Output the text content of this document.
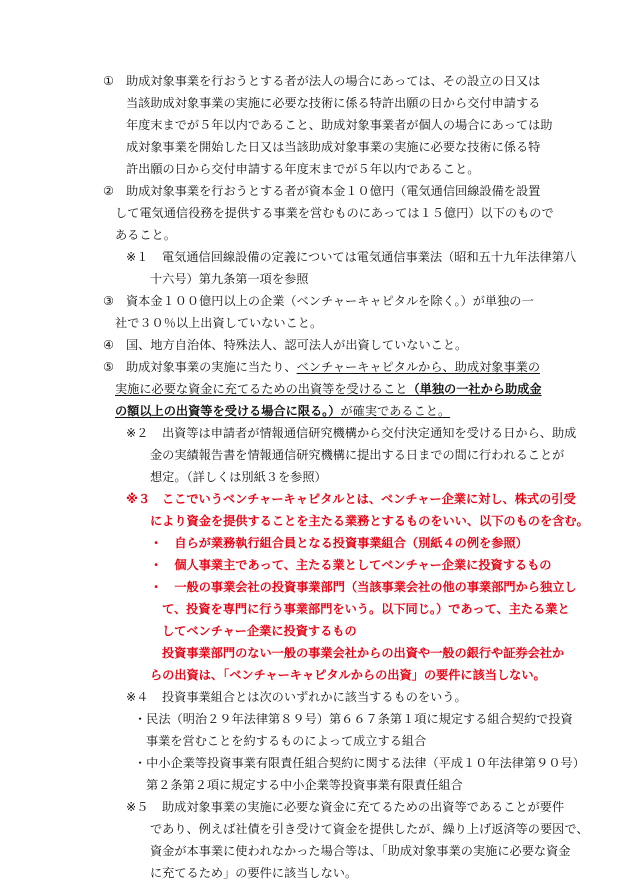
① 助成対象事業を行おうとする者が法人の場合にあっては、その設立の日又は
当該助成対象事業の実施に必要な技術に係る特許出願の日から交付申請する
年度末までが５年以内であること、助成対象事業者が個人の場合にあっては助
成対象事業を開始した日又は当該助成対象事業の実施に必要な技術に係る特
許出願の日から交付申請する年度末までが５年以内であること。
② 助成対象事業を行おうとする者が資本金１０億円（電気通信回線設備を設置
して電気通信役務を提供する事業を営むものにあっては１５億円）以下のもので
あること。
※１ 電気通信回線設備の定義については電気通信事業法（昭和五十九年法律第八
十六号）第九条第一項を参照
③ 資本金１００億円以上の企業（ベンチャーキャピタルを除く。）が単独の一
社で３０％以上出資していないこと。
④ 国、地方自治体、特殊法人、認可法人が出資していないこと。
⑤ 助成対象事業の実施に当たり、ベンチャーキャピタルから、助成対象事業の
実施に必要な資金に充てるための出資等を受けること（単独の一社から助成金
の額以上の出資等を受ける場合に限る。）が確実であること。
※２ 出資等は申請者が情報通信研究機構から交付決定通知を受ける日から、助成
金の実績報告書を情報通信研究機構に提出する日までの間に行われることが
想定。（詳しくは別紙３を参照）
※３ ここでいうベンチャーキャピタルとは、ベンチャー企業に対し、株式の引受
により資金を提供することを主たる業務とするものをいい、以下のものを含む。
・　自らが業務執行組合員となる投資事業組合（別紙４の例を参照）
・　個人事業主であって、主たる業としてベンチャー企業に投資するもの
・　一般の事業会社の投資事業部門（当該事業会社の他の事業部門から独立し
て、投資を専門に行う事業部門をいう。以下同じ。）であって、主たる業と
してベンチャー企業に投資するもの
投資事業部門のない一般の事業会社からの出資や一般の銀行や証券会社か
らの出資は、「ベンチャーキャピタルからの出資」の要件に該当しない。
※４ 投資事業組合とは次のいずれかに該当するものをいう。
・民法（明治２９年法律第８９号）第６６７条第１項に規定する組合契約で投資
事業を営むことを約するものによって成立する組合
・中小企業等投資事業有限責任組合契約に関する法律（平成１０年法律第９０号）
第２条第２項に規定する中小企業等投資事業有限責任組合
※５ 助成対象事業の実施に必要な資金に充てるための出資等であることが要件
であり、例えば社債を引き受けて資金を提供したが、繰り上げ返済等の要因で、
資金が本事業に使われなかった場合等は、「助成対象事業の実施に必要な資金
に充てるため」の要件に該当しない。
